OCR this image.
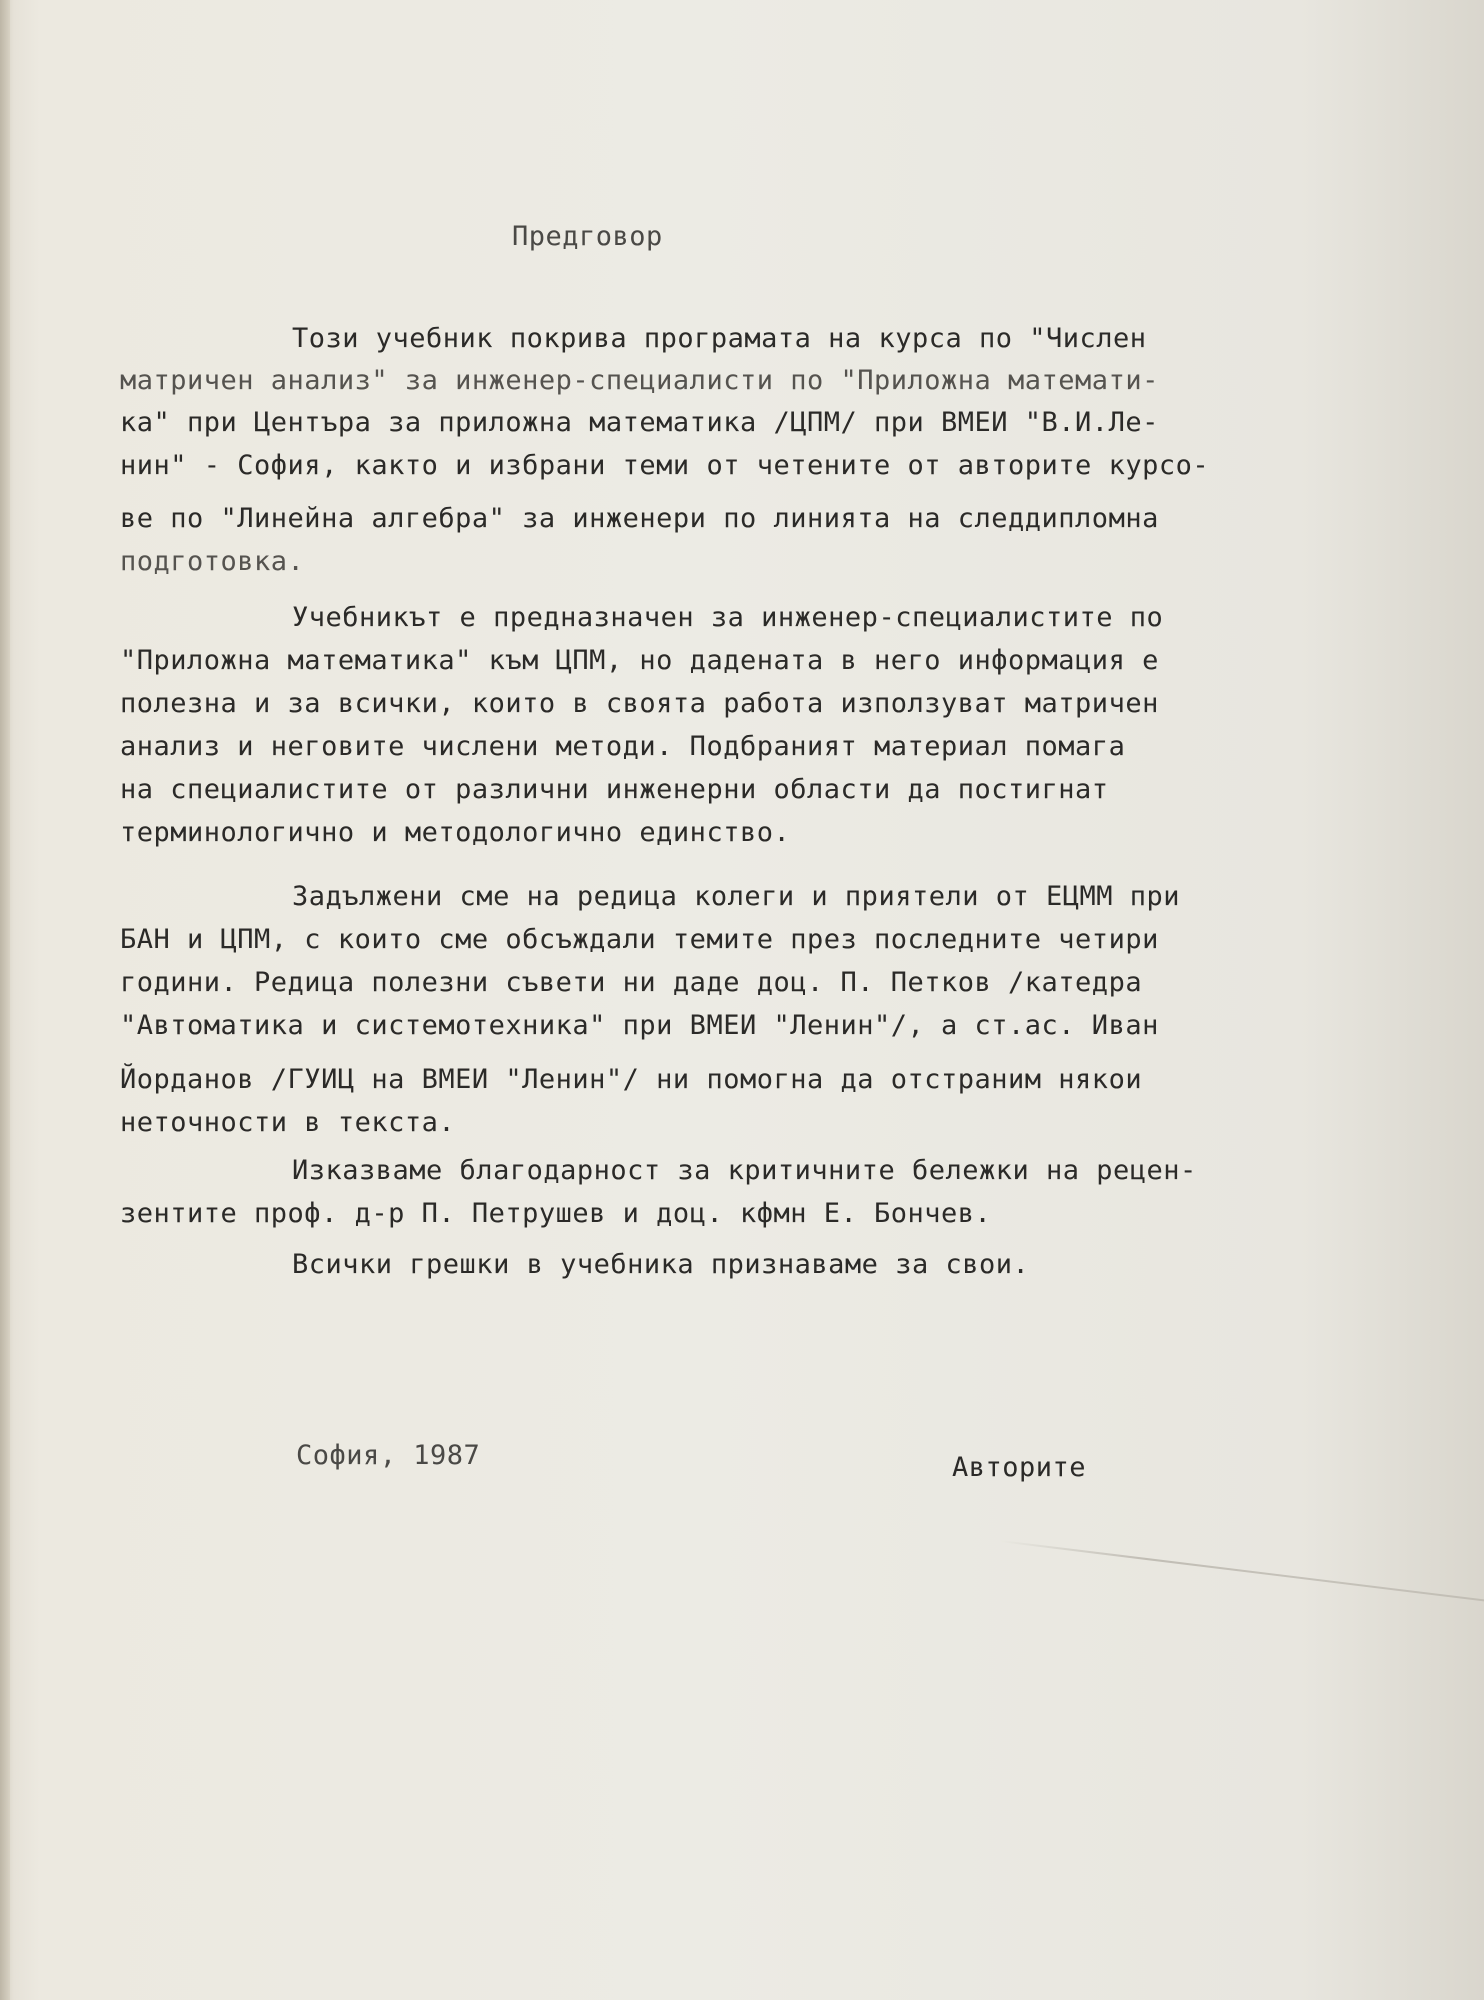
Предговор

Този учебник покрива програмата на курса по "Числен

матричен анализ" за инженер-специалисти по "Приложна математи-

ка" при Центъра за приложна математика /ЦПМ/ при ВМЕИ "В.И.Ле-

нин" - София, както и избрани теми от четените от авторите курсо-

ве по "Линейна алгебра" за инженери по линията на следдипломна

подготовка.

Учебникът е предназначен за инженер-специалистите по

"Приложна математика" към ЦПМ, но дадената в него информация е

полезна и за всички, които в своята работа използуват матричен

анализ и неговите числени методи. Подбраният материал помага

на специалистите от различни инженерни области да постигнат

терминологично и методологично единство.

Задължени сме на редица колеги и приятели от ЕЦММ при

БАН и ЦПМ, с които сме обсъждали темите през последните четири

години. Редица полезни съвети ни даде доц. П. Петков /катедра

"Автоматика и системотехника" при ВМЕИ "Ленин"/, а ст.ас. Иван

Йорданов /ГУИЦ на ВМЕИ "Ленин"/ ни помогна да отстраним някои

неточности в текста.

Изказваме благодарност за критичните бележки на рецен-

зентите проф. д-р П. Петрушев и доц. кфмн Е. Бончев.

Всички грешки в учебника признаваме за свои.

София, 1987	Авторите
